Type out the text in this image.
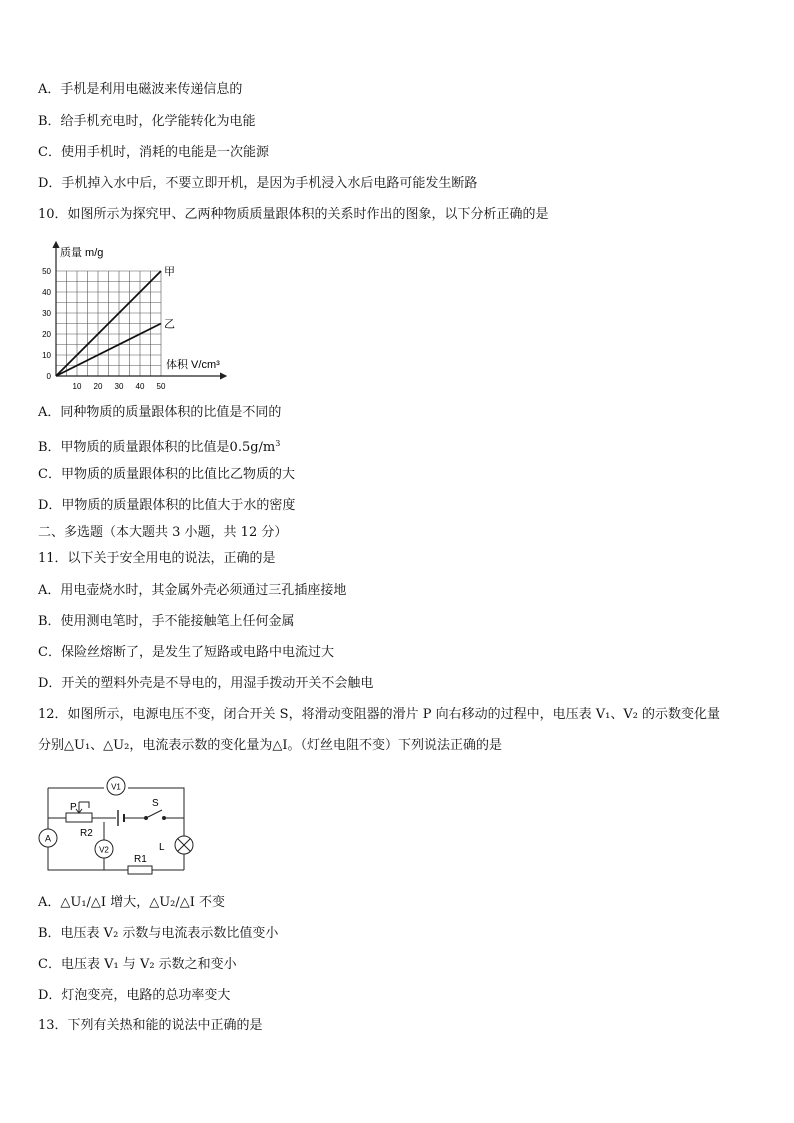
A．手机是利用电磁波来传递信息的
B．给手机充电时，化学能转化为电能
C．使用手机时，消耗的电能是一次能源
D．手机掉入水中后，不要立即开机，是因为手机浸入水后电路可能发生断路
10．如图所示为探究甲、乙两种物质质量跟体积的关系时作出的图象，以下分析正确的是
10 20 30 40 50
0
10
20
30
40
50	甲
乙
质量 m/g
体积 V/cm³
A．同种物质的质量跟体积的比值是不同的
B．甲物质的质量跟体积的比值是$0.5g/m^3$
C．甲物质的质量跟体积的比值比乙物质的大
D．甲物质的质量跟体积的比值大于水的密度
二、多选题（本大题共 3 小题，共 12 分）
11．以下关于安全用电的说法，正确的是
A．用电壶烧水时，其金属外壳必须通过三孔插座接地
B．使用测电笔时，手不能接触笔上任何金属
C．保险丝熔断了，是发生了短路或电路中电流过大
D．开关的塑料外壳是不导电的，用湿手拨动开关不会触电
12．如图所示，电源电压不变，闭合开关 S，将滑动变阻器的滑片 P 向右移动的过程中，电压表 V₁、V₂ 的示数变化量
分别△U₁、△U₂，电流表示数的变化量为△I。（灯丝电阻不变）下列说法正确的是
V1
A
V2
P
R2
R1
S
L
A．△U₁/△I 增大，△U₂/△I 不变
B．电压表 V₂ 示数与电流表示数比值变小
C．电压表 V₁ 与 V₂ 示数之和变小
D．灯泡变亮，电路的总功率变大
13．下列有关热和能的说法中正确的是
